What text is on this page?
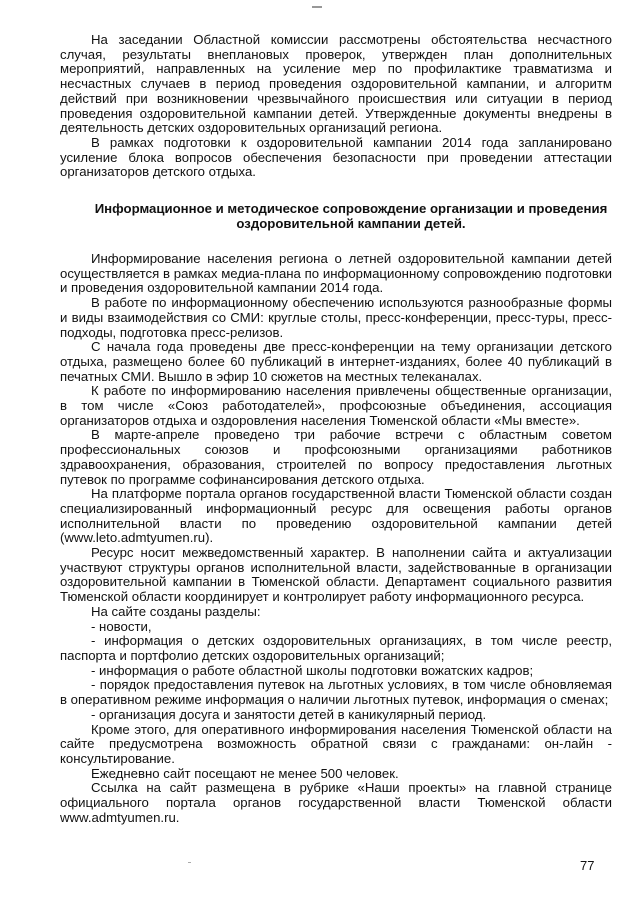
На заседании Областной комиссии рассмотрены обстоятельства несчастного случая, результаты внеплановых проверок, утвержден план дополнительных мероприятий, направленных на усиление мер по профилактике травматизма и несчастных случаев в период проведения оздоровительной кампании, и алгоритм действий при возникновении чрезвычайного происшествия или ситуации в период проведения оздоровительной кампании детей. Утвержденные документы внедрены в деятельность детских оздоровительных организаций региона.

В рамках подготовки к оздоровительной кампании 2014 года запланировано усиление блока вопросов обеспечения безопасности при проведении аттестации организаторов детского отдыха.

Информационное и методическое сопровождение организации и проведения
оздоровительной кампании детей.

Информирование населения региона о летней оздоровительной кампании детей осуществляется в рамках медиа-плана по информационному сопровождению подготовки и проведения оздоровительной кампании 2014 года.

В работе по информационному обеспечению используются разнообразные формы и виды взаимодействия со СМИ: круглые столы, пресс-конференции, пресс-туры, пресс-подходы, подготовка пресс-релизов.

С начала года проведены две пресс-конференции на тему организации детского отдыха, размещено более 60 публикаций в интернет-изданиях, более 40 публикаций в печатных СМИ. Вышло в эфир 10 сюжетов на местных телеканалах.

К работе по информированию населения привлечены общественные организации, в том числе «Союз работодателей», профсоюзные объединения, ассоциация организаторов отдыха и оздоровления населения Тюменской области «Мы вместе».

В марте-апреле проведено три рабочие встречи с областным советом профессиональных союзов и профсоюзными организациями работников здравоохранения, образования, строителей по вопросу предоставления льготных путевок по программе софинансирования детского отдыха.

На платформе портала органов государственной власти Тюменской области создан специализированный информационный ресурс для освещения работы органов исполнительной власти по проведению оздоровительной кампании детей (www.leto.admtyumen.ru).

Ресурс носит межведомственный характер. В наполнении сайта и актуализации участвуют структуры органов исполнительной власти, задействованные в организации оздоровительной кампании в Тюменской области. Департамент социального развития Тюменской области координирует и контролирует работу информационного ресурса.

На сайте созданы разделы:

- новости,

- информация о детских оздоровительных организациях, в том числе реестр, паспорта и портфолио детских оздоровительных организаций;

- информация о работе областной школы подготовки вожатских кадров;

- порядок предоставления путевок на льготных условиях, в том числе обновляемая в оперативном режиме информация о наличии льготных путевок, информация о сменах;

- организация досуга и занятости детей в каникулярный период.

Кроме этого, для оперативного информирования населения Тюменской области на сайте предусмотрена возможность обратной связи с гражданами: он-лайн - консультирование.

Ежедневно сайт посещают не менее 500 человек.

Ссылка на сайт размещена в рубрике «Наши проекты» на главной странице официального портала органов государственной власти Тюменской области www.admtyumen.ru.

77
